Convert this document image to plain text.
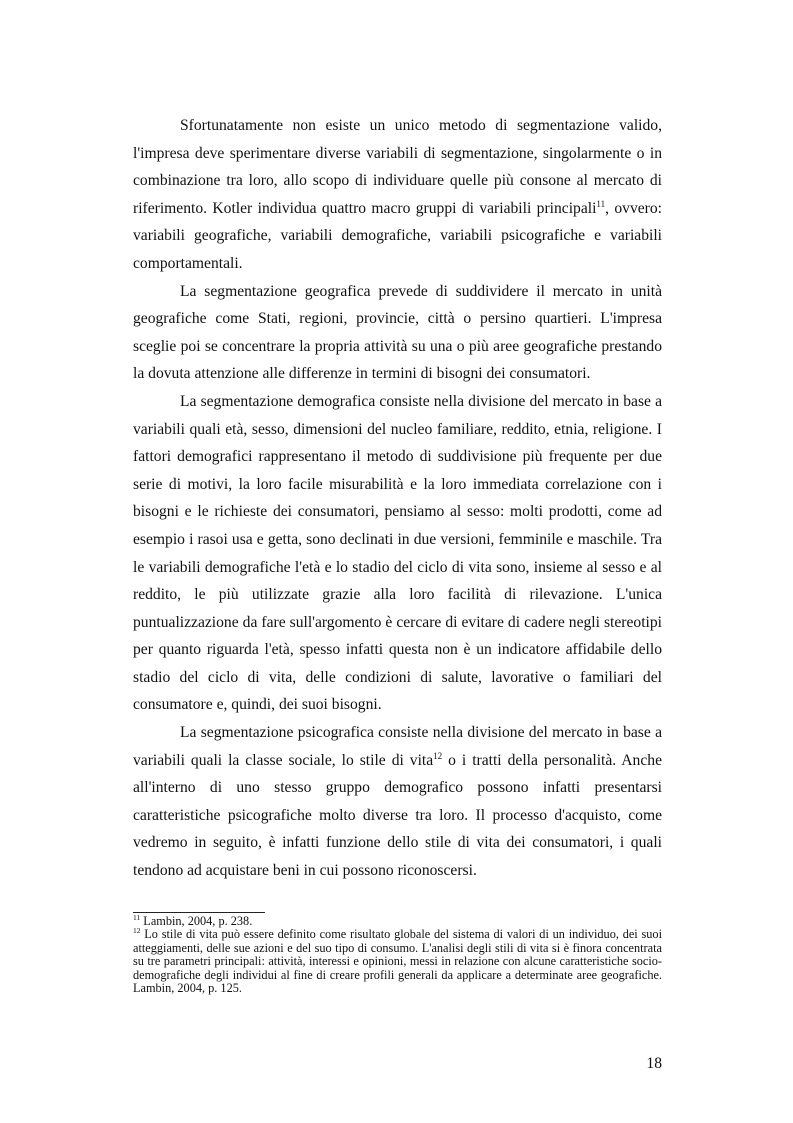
Sfortunatamente non esiste un unico metodo di segmentazione valido, l'impresa deve sperimentare diverse variabili di segmentazione, singolarmente o in combinazione tra loro, allo scopo di individuare quelle più consone al mercato di riferimento. Kotler individua quattro macro gruppi di variabili principali$^{11}$, ovvero: variabili geografiche, variabili demografiche, variabili psicografiche e variabili comportamentali.

La segmentazione geografica prevede di suddividere il mercato in unità geografiche come Stati, regioni, provincie, città o persino quartieri. L'impresa sceglie poi se concentrare la propria attività su una o più aree geografiche prestando la dovuta attenzione alle differenze in termini di bisogni dei consumatori.

La segmentazione demografica consiste nella divisione del mercato in base a variabili quali età, sesso, dimensioni del nucleo familiare, reddito, etnia, religione. I fattori demografici rappresentano il metodo di suddivisione più frequente per due serie di motivi, la loro facile misurabilità e la loro immediata correlazione con i bisogni e le richieste dei consumatori, pensiamo al sesso: molti prodotti, come ad esempio i rasoi usa e getta, sono declinati in due versioni, femminile e maschile. Tra le variabili demografiche l'età e lo stadio del ciclo di vita sono, insieme al sesso e al reddito, le più utilizzate grazie alla loro facilità di rilevazione. L'unica puntualizzazione da fare sull'argomento è cercare di evitare di cadere negli stereotipi per quanto riguarda l'età, spesso infatti questa non è un indicatore affidabile dello stadio del ciclo di vita, delle condizioni di salute, lavorative o familiari del consumatore e, quindi, dei suoi bisogni.

La segmentazione psicografica consiste nella divisione del mercato in base a variabili quali la classe sociale, lo stile di vita$^{12}$ o i tratti della personalità. Anche all'interno di uno stesso gruppo demografico possono infatti presentarsi caratteristiche psicografiche molto diverse tra loro. Il processo d'acquisto, come vedremo in seguito, è infatti funzione dello stile di vita dei consumatori, i quali tendono ad acquistare beni in cui possono riconoscersi.

$^{11}$ Lambin, 2004, p. 238.

$^{12}$ Lo stile di vita può essere definito come risultato globale del sistema di valori di un individuo, dei suoi atteggiamenti, delle sue azioni e del suo tipo di consumo. L'analisi degli stili di vita si è finora concentrata su tre parametri principali: attività, interessi e opinioni, messi in relazione con alcune caratteristiche socio-demografiche degli individui al fine di creare profili generali da applicare a determinate aree geografiche. Lambin, 2004, p. 125.

18
